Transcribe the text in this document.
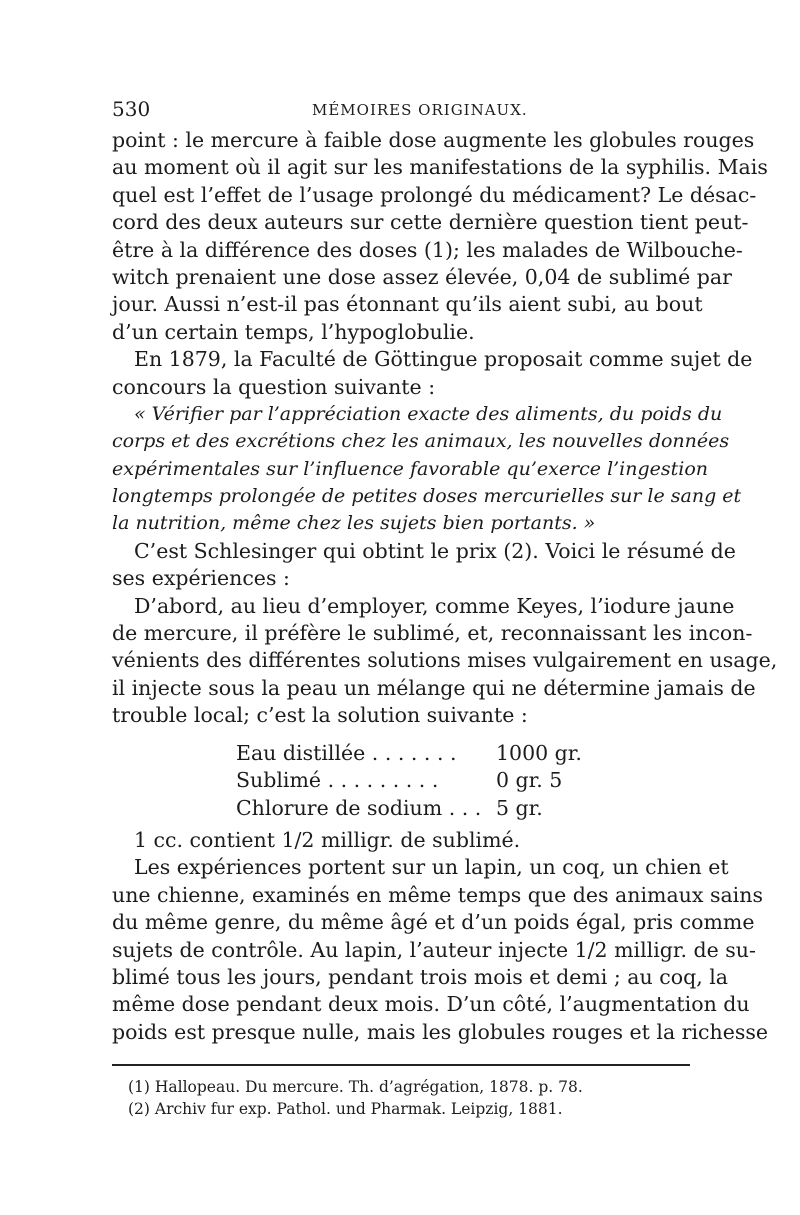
530	MÉMOIRES ORIGINAUX.
point : le mercure à faible dose augmente les globules rouges
au moment où il agit sur les manifestations de la syphilis. Mais
quel est l’effet de l’usage prolongé du médicament? Le désac-
cord des deux auteurs sur cette dernière question tient peut-
être à la différence des doses (1); les malades de Wilbouche-
witch prenaient une dose assez élevée, 0,04 de sublimé par
jour. Aussi n’est-il pas étonnant qu’ils aient subi, au bout
d’un certain temps, l’hypoglobulie.
En 1879, la Faculté de Göttingue proposait comme sujet de
concours la question suivante :
« Vérifier par l’appréciation exacte des aliments, du poids du
corps et des excrétions chez les animaux, les nouvelles données
expérimentales sur l’influence favorable qu’exerce l’ingestion
longtemps prolongée de petites doses mercurielles sur le sang et
la nutrition, même chez les sujets bien portants. »
C’est Schlesinger qui obtint le prix (2). Voici le résumé de
ses expériences :
D’abord, au lieu d’employer, comme Keyes, l’iodure jaune
de mercure, il préfère le sublimé, et, reconnaissant les incon-
vénients des différentes solutions mises vulgairement en usage,
il injecte sous la peau un mélange qui ne détermine jamais de
trouble local; c’est la solution suivante :
Eau distillée . . . . . . . 1000 gr.
Sublimé . . . . . . . . .	0 gr. 5
Chlorure de sodium . . . 5 gr.
1 cc. contient 1/2 milligr. de sublimé.
Les expériences portent sur un lapin, un coq, un chien et
une chienne, examinés en même temps que des animaux sains
du même genre, du même âgé et d’un poids égal, pris comme
sujets de contrôle. Au lapin, l’auteur injecte 1/2 milligr. de su-
blimé tous les jours, pendant trois mois et demi ; au coq, la
même dose pendant deux mois. D’un côté, l’augmentation du
poids est presque nulle, mais les globules rouges et la richesse
(1) Hallopeau. Du mercure. Th. d’agrégation, 1878. p. 78.
(2) Archiv fur exp. Pathol. und Pharmak. Leipzig, 1881.
